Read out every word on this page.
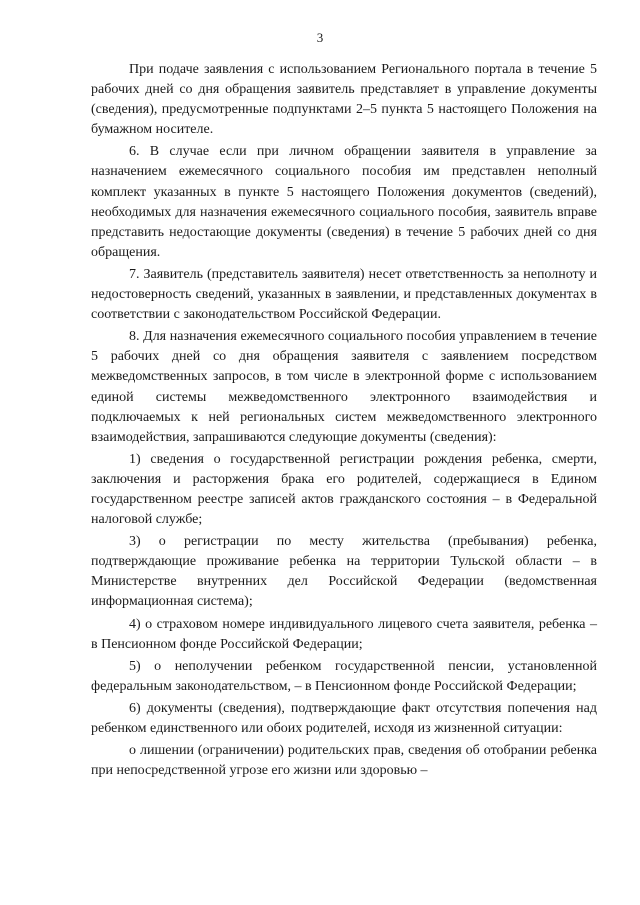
3

При подаче заявления с использованием Регионального портала в течение 5 рабочих дней со дня обращения заявитель представляет в управление документы (сведения), предусмотренные подпунктами 2–5 пункта 5 настоящего Положения на бумажном носителе.

6. В случае если при личном обращении заявителя в управление за назначением ежемесячного социального пособия им представлен неполный комплект указанных в пункте 5 настоящего Положения документов (сведений), необходимых для назначения ежемесячного социального пособия, заявитель вправе представить недостающие документы (сведения) в течение 5 рабочих дней со дня обращения.

7. Заявитель (представитель заявителя) несет ответственность за неполноту и недостоверность сведений, указанных в заявлении, и представленных документах в соответствии с законодательством Российской Федерации.

8. Для назначения ежемесячного социального пособия управлением в течение 5 рабочих дней со дня обращения заявителя с заявлением посредством межведомственных запросов, в том числе в электронной форме с использованием единой системы межведомственного электронного взаимодействия и подключаемых к ней региональных систем межведомственного электронного взаимодействия, запрашиваются следующие документы (сведения):

1) сведения о государственной регистрации рождения ребенка, смерти, заключения и расторжения брака его родителей, содержащиеся в Едином государственном реестре записей актов гражданского состояния – в Федеральной налоговой службе;

3) о регистрации по месту жительства (пребывания) ребенка, подтверждающие проживание ребенка на территории Тульской области – в Министерстве внутренних дел Российской Федерации (ведомственная информационная система);

4) о страховом номере индивидуального лицевого счета заявителя, ребенка – в Пенсионном фонде Российской Федерации;

5) о неполучении ребенком государственной пенсии, установленной федеральным законодательством, – в Пенсионном фонде Российской Федерации;

6) документы (сведения), подтверждающие факт отсутствия попечения над ребенком единственного или обоих родителей, исходя из жизненной ситуации:

о лишении (ограничении) родительских прав, сведения об отобрании ребенка при непосредственной угрозе его жизни или здоровью –
